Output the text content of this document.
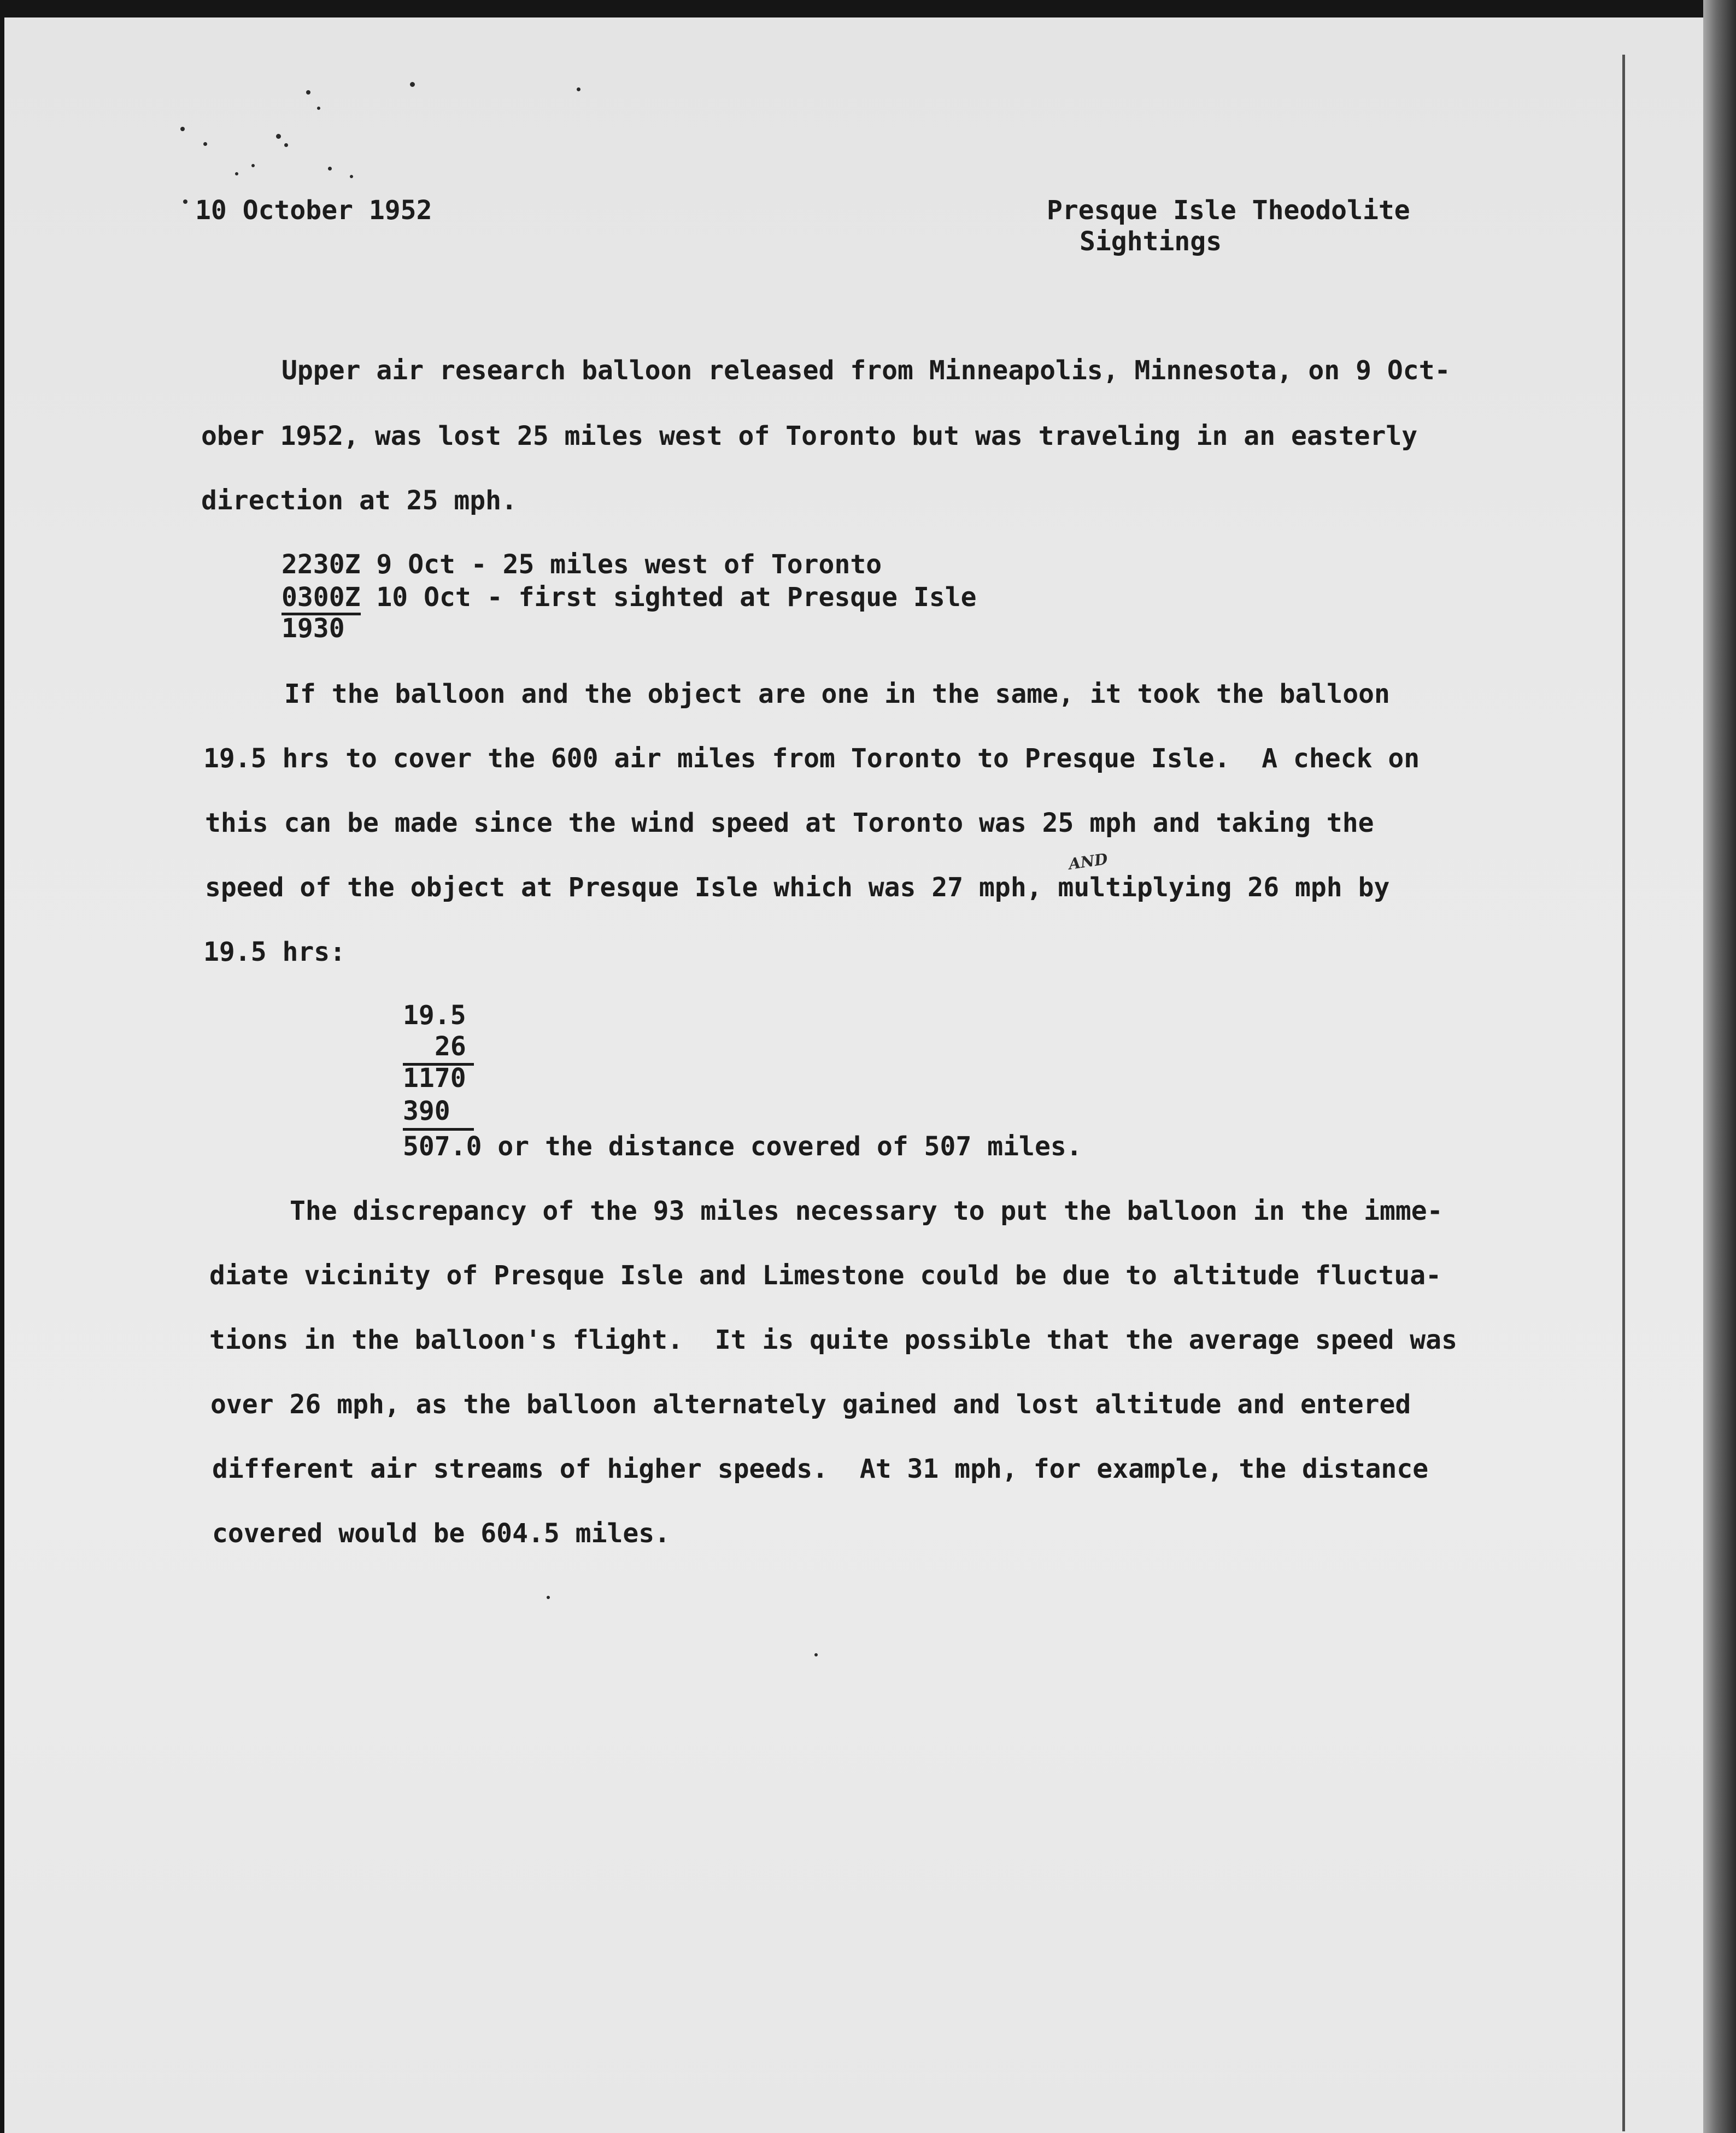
10 October 1952	Presque Isle Theodolite
Sightings
Upper air research balloon released from Minneapolis, Minnesota, on 9 Oct-
ober 1952, was lost 25 miles west of Toronto but was traveling in an easterly
direction at 25 mph.
2230Z 9 Oct - 25 miles west of Toronto
0300Z 10 Oct - first sighted at Presque Isle
1930
If the balloon and the object are one in the same, it took the balloon
19.5 hrs to cover the 600 air miles from Toronto to Presque Isle.  A check on
this can be made since the wind speed at Toronto was 25 mph and taking the
speed of the object at Presque Isle which was 27 mph, multiplying 26 mph by
AND
19.5 hrs:
19.5
26
1170
390
507.0 or the distance covered of 507 miles.
The discrepancy of the 93 miles necessary to put the balloon in the imme-
diate vicinity of Presque Isle and Limestone could be due to altitude fluctua-
tions in the balloon's flight.  It is quite possible that the average speed was
over 26 mph, as the balloon alternately gained and lost altitude and entered
different air streams of higher speeds.  At 31 mph, for example, the distance
covered would be 604.5 miles.
